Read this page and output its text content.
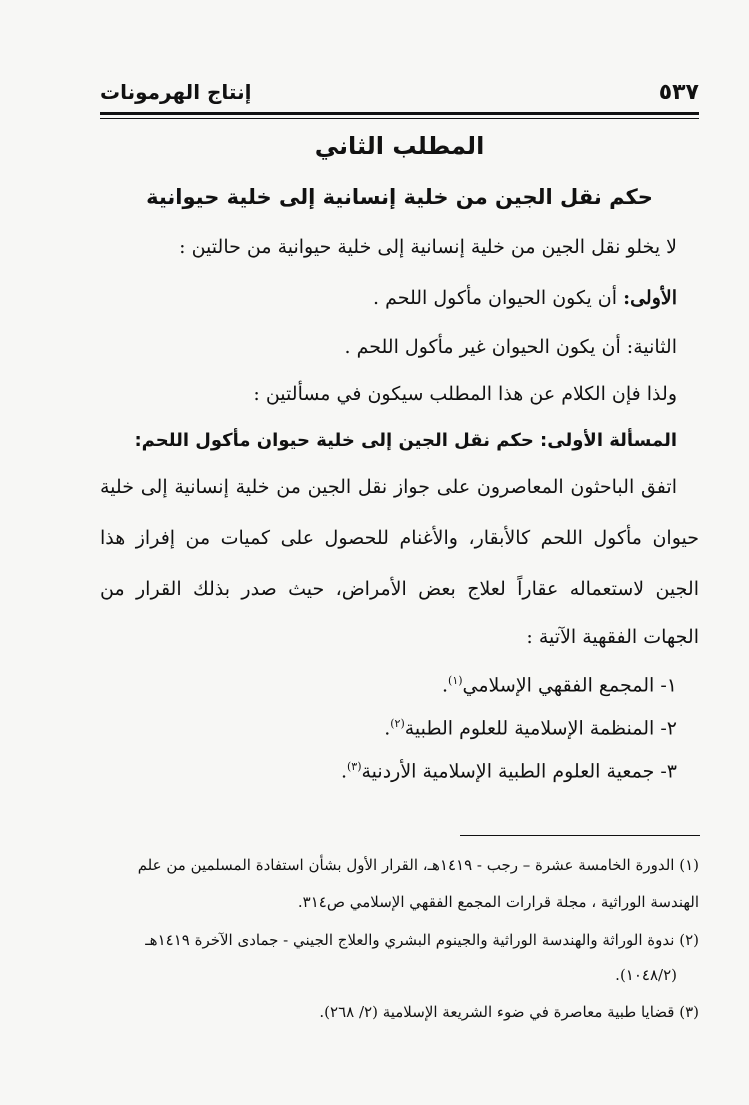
إنتاج الهرمونات	٥٣٧
المطلب الثاني
حكم نقل الجين من خلية إنسانية إلى خلية حيوانية
لا يخلو نقل الجين من خلية إنسانية إلى خلية حيوانية من حالتين :
الأولى: أن يكون الحيوان مأكول اللحم .
الثانية: أن يكون الحيوان غير مأكول اللحم .
ولذا فإن الكلام عن هذا المطلب سيكون في مسألتين :
المسألة الأولى: حكم نقل الجين إلى خلية حيوان مأكول اللحم:
اتفق الباحثون المعاصرون على جواز نقل الجين من خلية إنسانية إلى خلية
حيوان مأكول اللحم كالأبقار، والأغنام للحصول على كميات من إفراز هذا
الجين لاستعماله عقاراً لعلاج بعض الأمراض، حيث صدر بذلك القرار من
الجهات الفقهية الآتية :
١- المجمع الفقهي الإسلامي$^{(١)}$.
٢- المنظمة الإسلامية للعلوم الطبية$^{(٢)}$.
٣- جمعية العلوم الطبية الإسلامية الأردنية$^{(٣)}$.
(١) الدورة الخامسة عشرة – رجب - ١٤١٩هـ، القرار الأول بشأن استفادة المسلمين من علم
الهندسة الوراثية ، مجلة قرارات المجمع الفقهي الإسلامي ص٣١٤.
(٢) ندوة الوراثة والهندسة الوراثية والجينوم البشري والعلاج الجيني - جمادى الآخرة ١٤١٩هـ
(١٠٤٨/٢).
(٣) قضايا طبية معاصرة في ضوء الشريعة الإسلامية (٢/ ٢٦٨).
